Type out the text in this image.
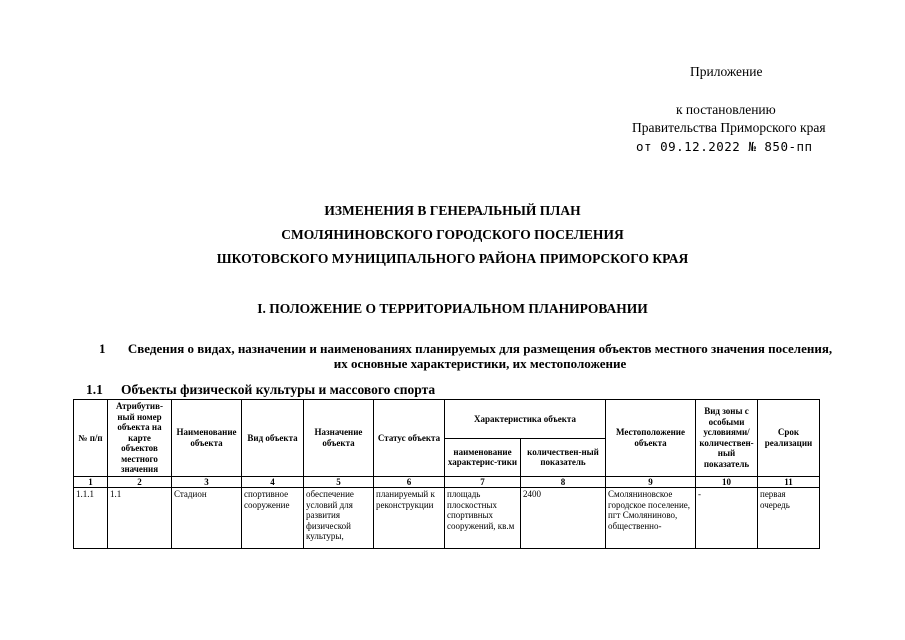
Приложение
к постановлению
Правительства Приморского края
от 09.12.2022 № 850-пп
ИЗМЕНЕНИЯ В ГЕНЕРАЛЬНЫЙ ПЛАН
СМОЛЯНИНОВСКОГО ГОРОДСКОГО ПОСЕЛЕНИЯ
ШКОТОВСКОГО МУНИЦИПАЛЬНОГО РАЙОНА ПРИМОРСКОГО КРАЯ
I. ПОЛОЖЕНИЕ О ТЕРРИТОРИАЛЬНОМ ПЛАНИРОВАНИИ
1 Сведения о видах, назначении и наименованиях планируемых для размещения объектов местного значения поселения, их основные характеристики, их местоположение
1.1 Объекты физической культуры и массового спорта
№ п/п	Атрибутив-ный номер объекта на карте объектов местного значения	Наименование объекта	Вид объекта	Назначение объекта	Статус объекта	Характеристика объекта		Местоположение объекта	Вид зоны с особыми условиями/ количествен-ный показатель	Срок реализации
						наименование характерис-тики	количествен-ный показатель			
1	2	3	4	5	6	7	8	9	10	11

1.1.1	1.1	Стадион	спортивное сооружение	обеспечение условий для развития физической культуры,	планируемый к реконструкции	площадь плоскостных спортивных сооружений, кв.м	2400	Смоляниновское городское поселение, пгт Смоляниново, общественно-	-	первая очередь
